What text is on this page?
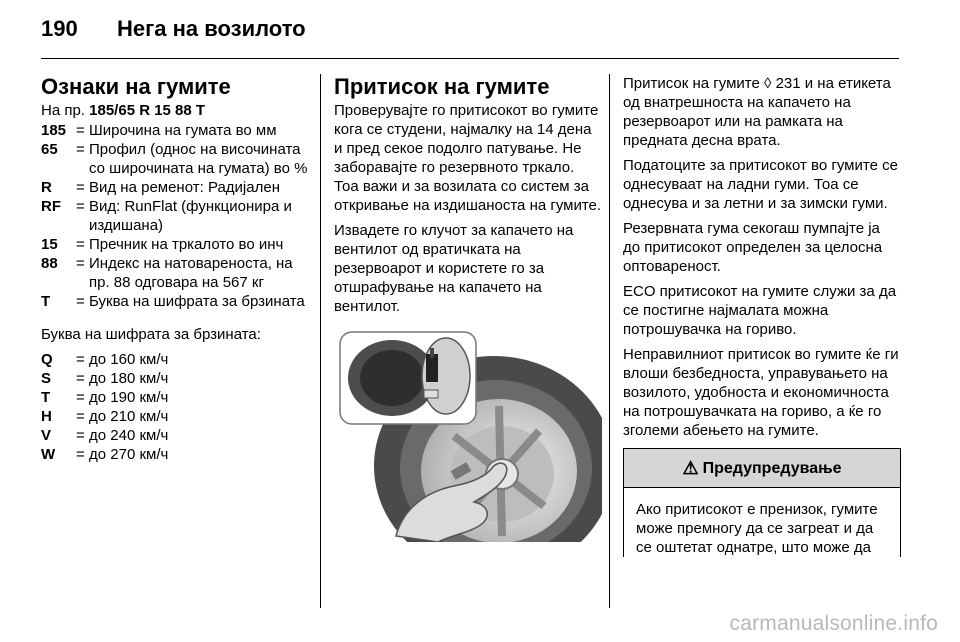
190 Нега на возилото
Ознаки на гумите
На пр. 185/65 R 15 88 T
185 = Широчина на гумата во мм
65	= Профил (однос на височината со широчината на гумата) во %
R	= Вид на ременот: Радијален
RF	= Вид: RunFlat (функционира и издишана)
15	= Пречник на тркалото во инч
88	= Индекс на натовареноста, на пр. 88 одговара на 567 кг
T	= Буква на шифрата за брзината
Буква на шифрата за брзината:
Q	= до 160 км/ч
S	= до 180 км/ч
T	= до 190 км/ч
H	= до 210 км/ч
V	= до 240 км/ч
W	= до 270 км/ч
Притисок на гумите

Проверувајте го притисокот во гумите кога се студени, најмалку на 14 дена и пред секое подолго патување. Не заборавајте го резервното тркало. Тоа важи и за возилата со систем за откривање на издишаноста на гумите.

Извадете го клучот за капачето на вентилот од вратичката на резервоарот и користете го за отшрафување на капачето на вентилот.

Притисок на гумите ◊ 231 и на етикета од внатрешноста на капачето на резервоарот или на рамката на предната десна врата.

Податоците за притисокот во гумите се однесуваат на ладни гуми. Тоа се однесува и за летни и за зимски гуми.

Резервната гума секогаш пумпајте ја до притисокот определен за целосна оптовареност.

ECO притисокот на гумите служи за да се постигне најмалата можна потрошувачка на гориво.

Неправилниот притисок во гумите ќе ги влоши безбедноста, управувањето на возилото, удобноста и економичноста на потрошувачката на гориво, а ќе го зголеми абењето на гумите.

⚠ Предупредување
Ако притисокот е пренизок, гумите може премногу да се загреат и да се оштетат однатре, што може да
carmanualsonline.info
